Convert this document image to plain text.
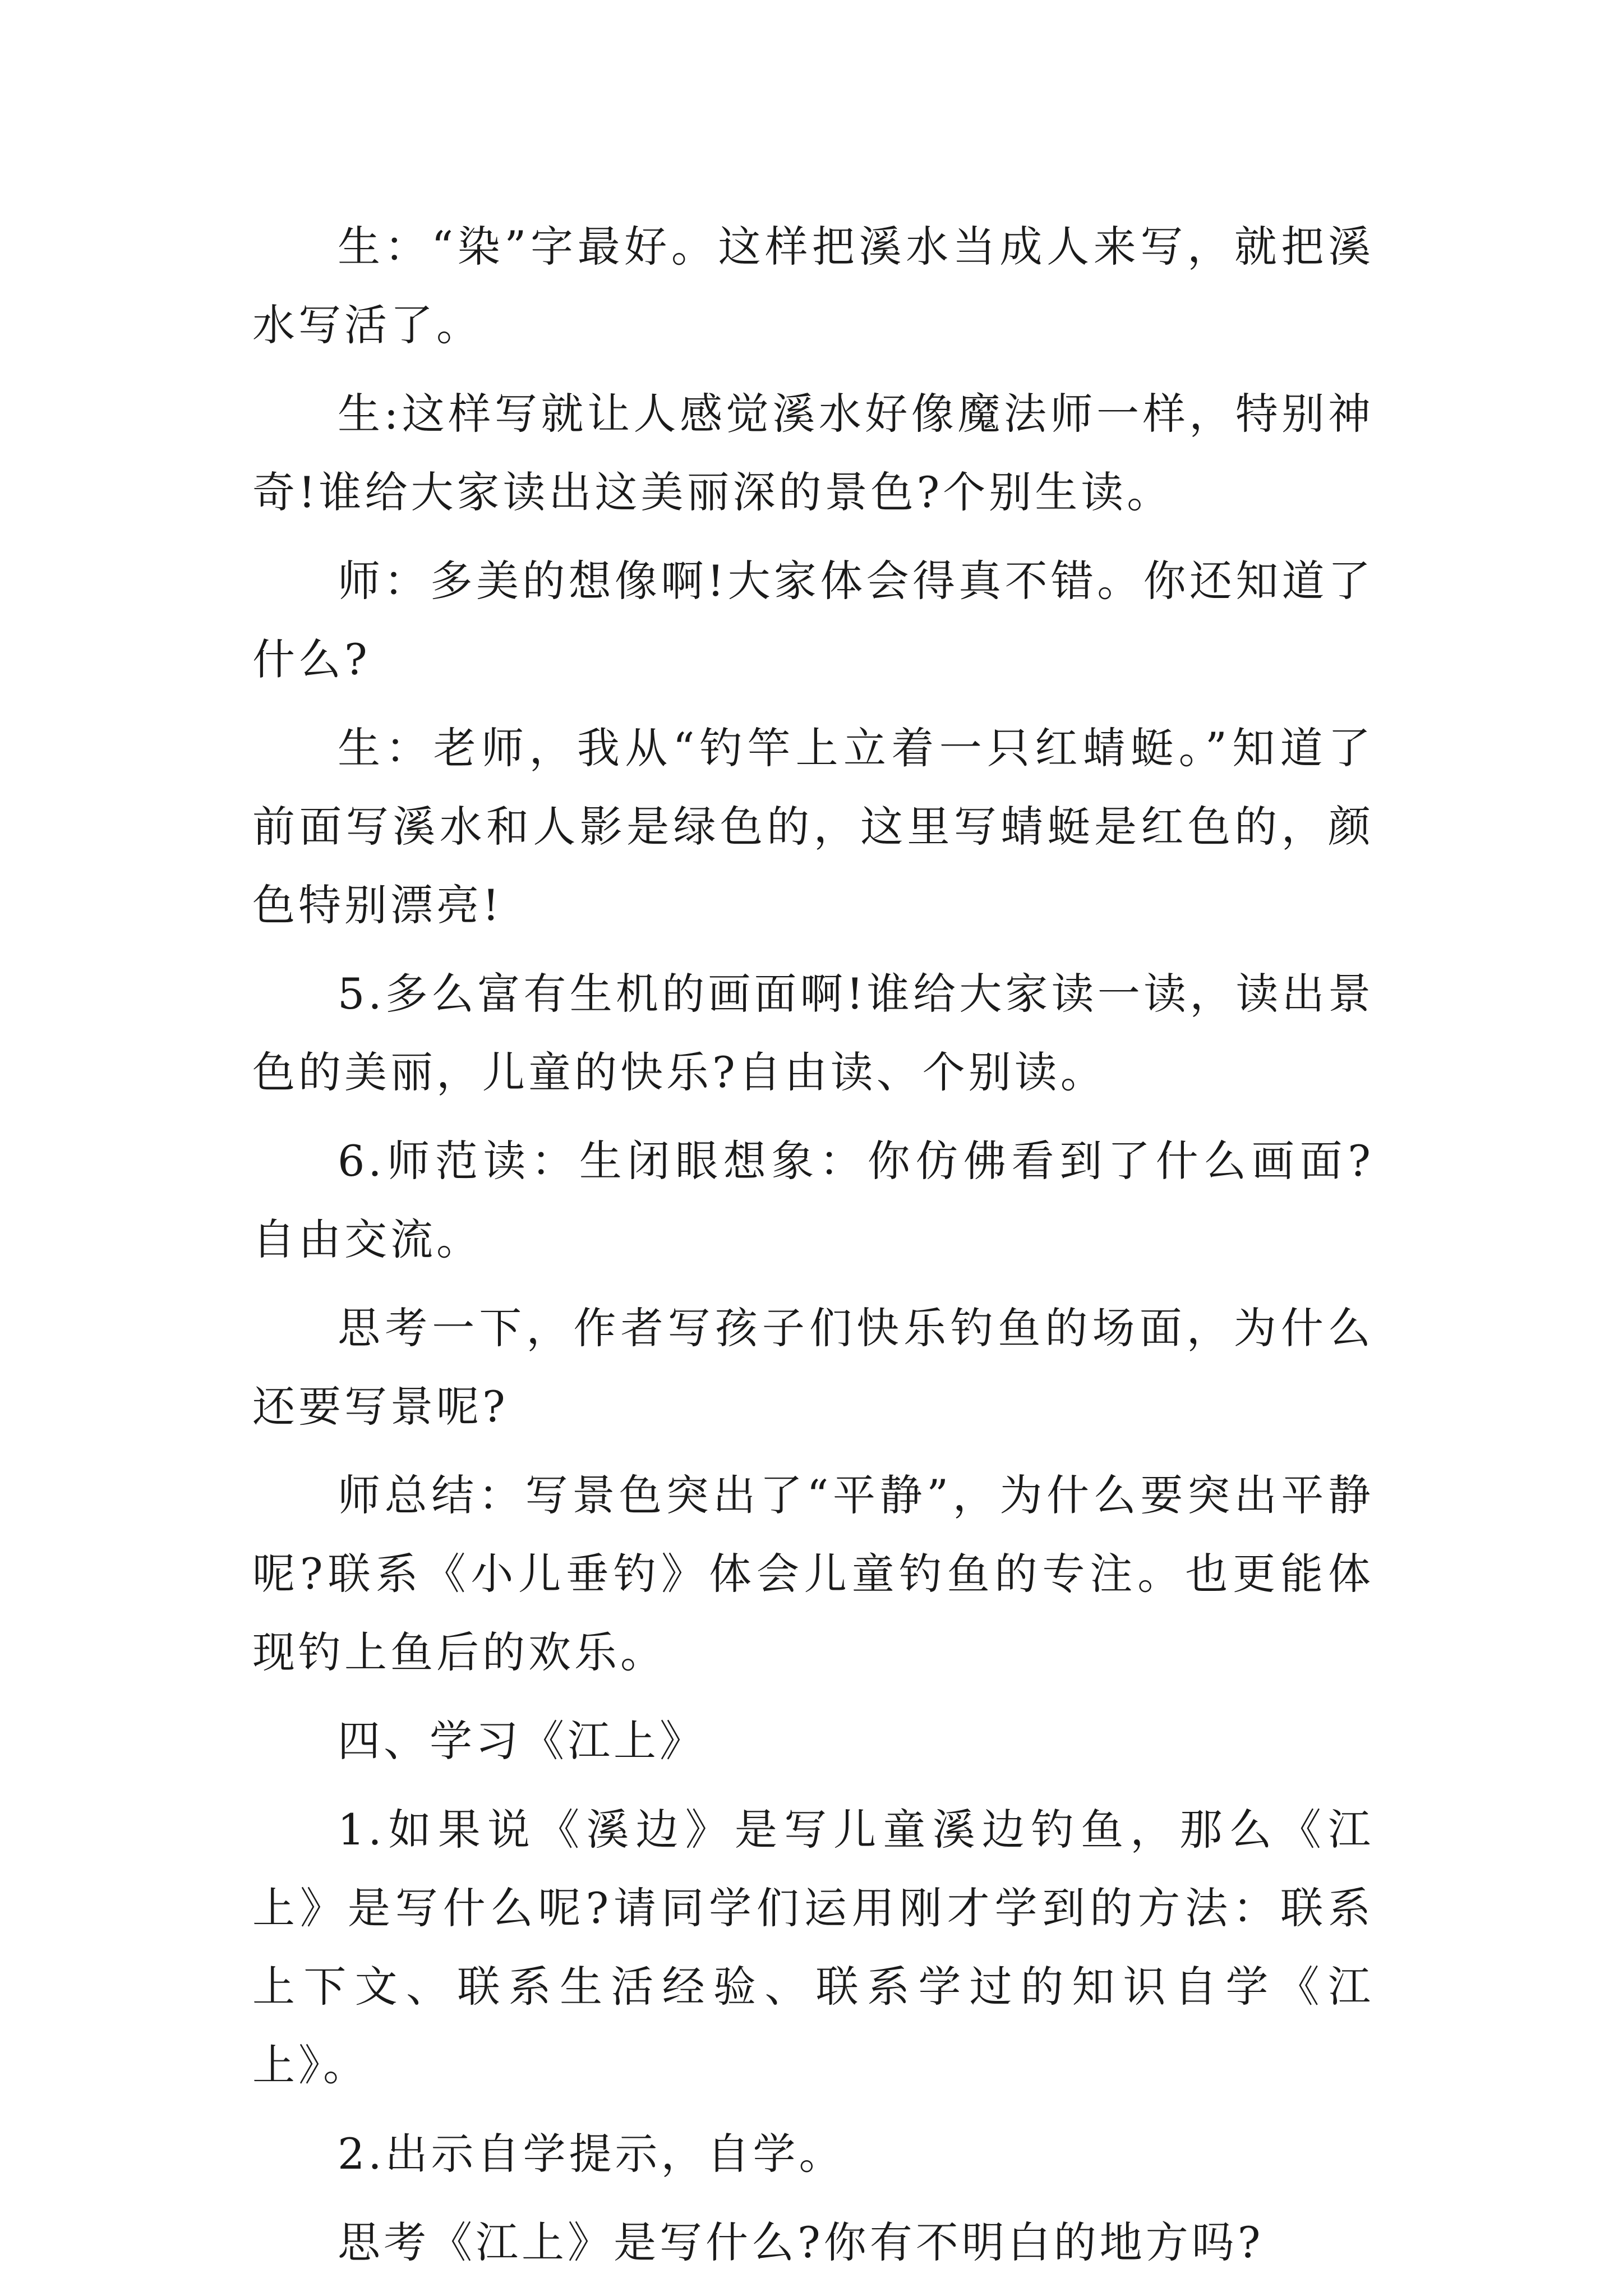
生：“染”字最好。这样把溪水当成人来写，就把溪水写活了。

生:这样写就让人感觉溪水好像魔法师一样，特别神奇!谁给大家读出这美丽深的景色?个别生读。

师：多美的想像啊!大家体会得真不错。你还知道了什么?

生：老师，我从“钓竿上立着一只红蜻蜓。”知道了前面写溪水和人影是绿色的，这里写蜻蜓是红色的，颜色特别漂亮!

5.多么富有生机的画面啊!谁给大家读一读，读出景色的美丽，儿童的快乐?自由读、个别读。

6.师范读：生闭眼想象：你仿佛看到了什么画面?自由交流。

思考一下，作者写孩子们快乐钓鱼的场面，为什么还要写景呢?

师总结：写景色突出了“平静”，为什么要突出平静呢?联系《小儿垂钓》体会儿童钓鱼的专注。也更能体现钓上鱼后的欢乐。

四、学习《江上》

1.如果说《溪边》是写儿童溪边钓鱼，那么《江上》是写什么呢?请同学们运用刚才学到的方法：联系上下文、联系生活经验、联系学过的知识自学《江上》。

2.出示自学提示，自学。

思考《江上》是写什么?你有不明白的地方吗?
